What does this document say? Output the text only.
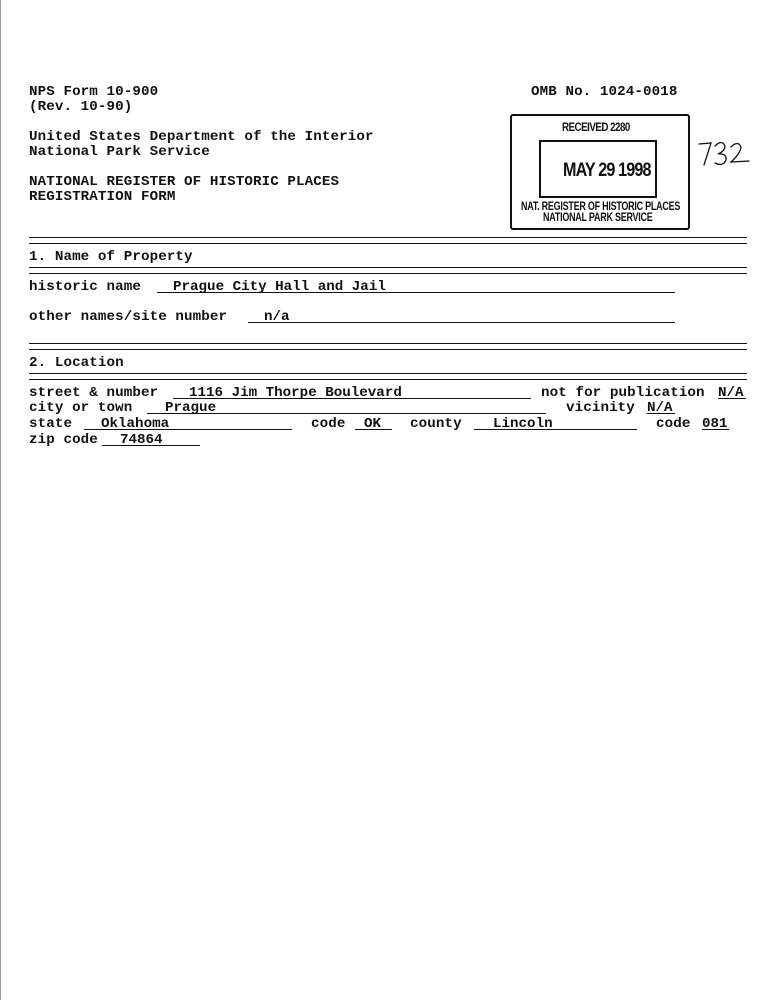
NPS Form 10-900
(Rev. 10-90)
OMB No. 1024-0018
United States Department of the Interior
National Park Service
NATIONAL REGISTER OF HISTORIC PLACES
REGISTRATION FORM
RECEIVED 2280
MAY 29 1998
NAT. REGISTER OF HISTORIC PLACES
NATIONAL PARK SERVICE
1. Name of Property
historic name Prague City Hall and Jail
other names/site number	n/a
2. Location
street & number 1116 Jim Thorpe Boulevard	not for publication N/A
city or town Prague	vicinity N/A
state Oklahoma	code OK county Lincoln	code 081
zip code 74864
